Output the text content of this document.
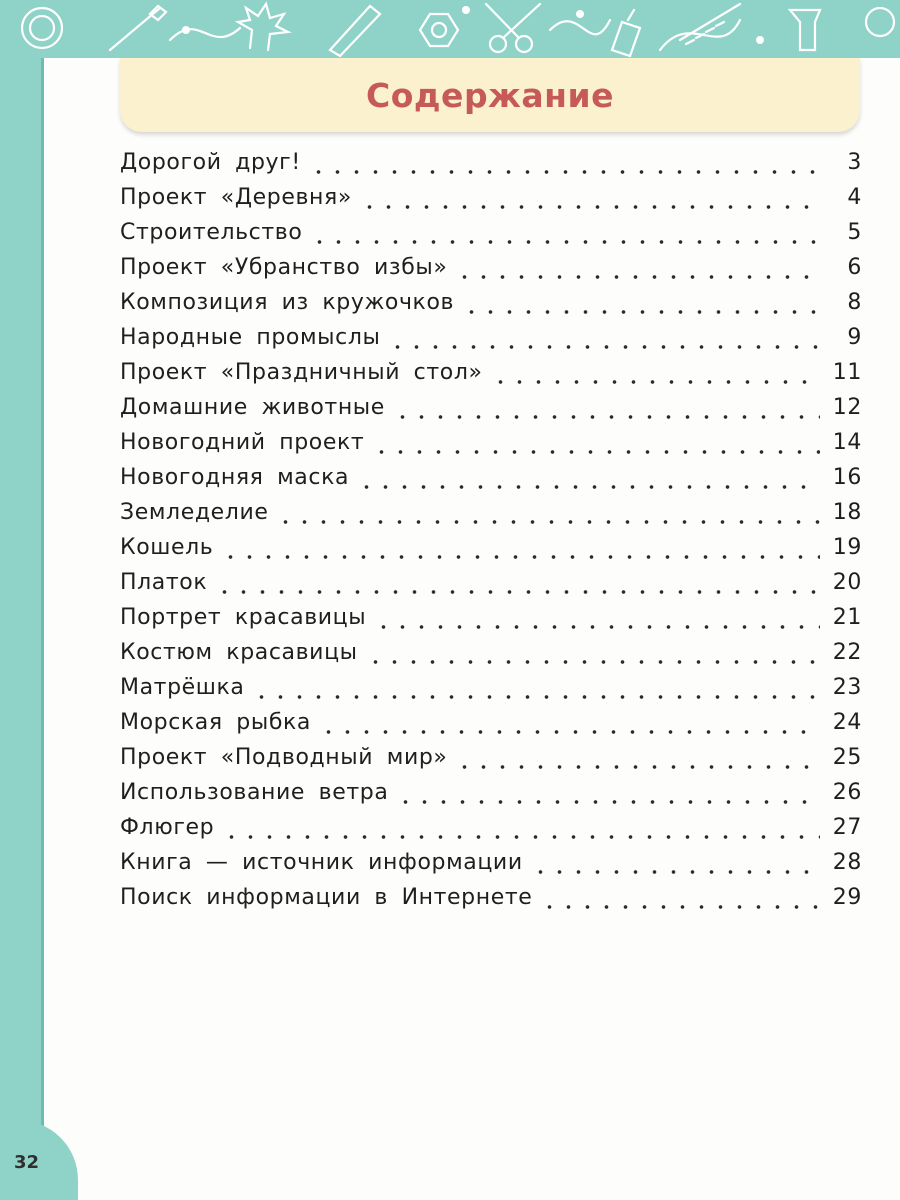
32
Содержание
Дорогой друг!	3
Проект «Деревня»	4
Строительство	5
Проект «Убранство избы»	6
Композиция из кружочков	8
Народные промыслы	9
Проект «Праздничный стол»	11
Домашние животные	12
Новогодний проект	14
Новогодняя маска	16
Земледелие	18
Кошель	19
Платок	20
Портрет красавицы	21
Костюм красавицы	22
Матрёшка	23
Морская рыбка	24
Проект «Подводный мир»	25
Использование ветра	26
Флюгер	27
Книга — источник информации	28
Поиск информации в Интернете	29
